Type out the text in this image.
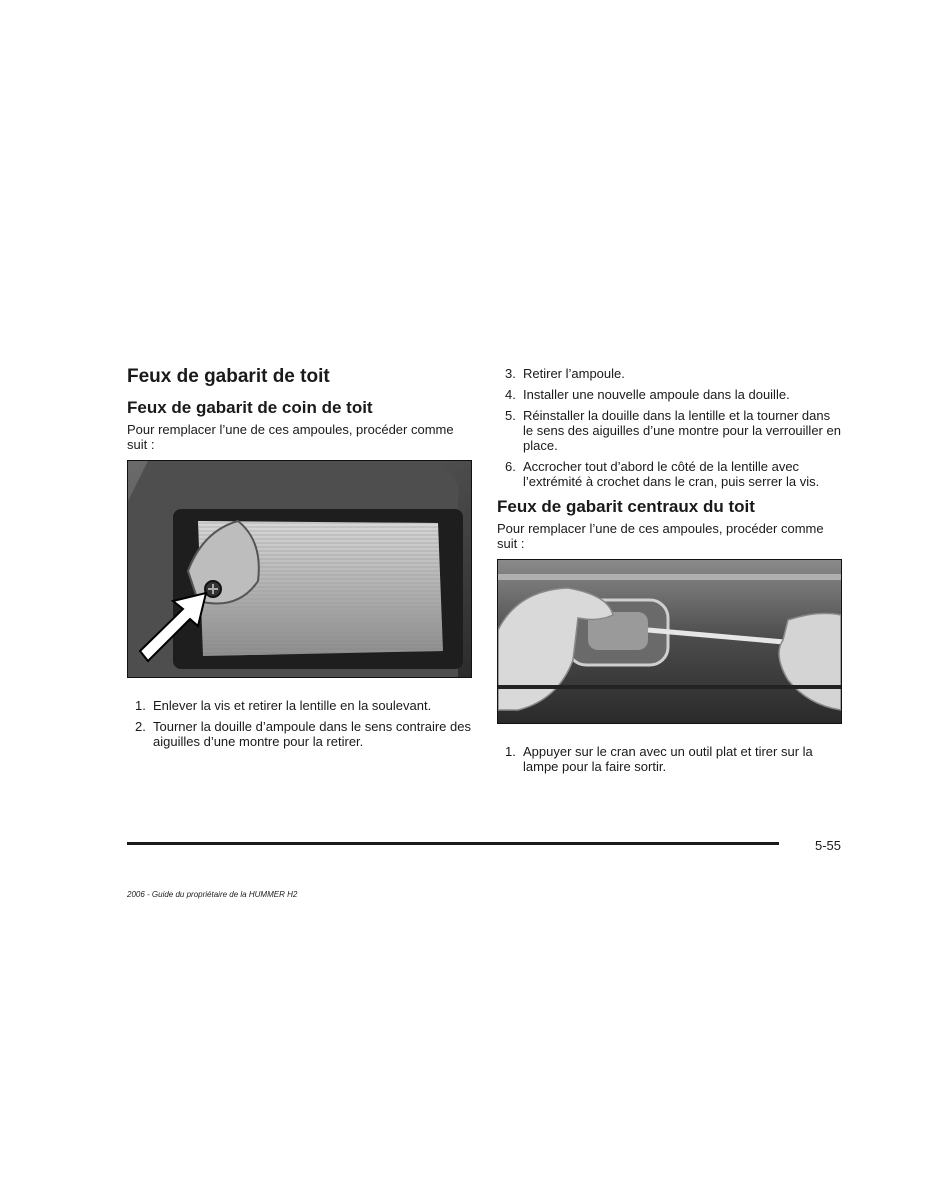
Feux de gabarit de toit
Feux de gabarit de coin de toit

Pour remplacer l’une de ces ampoules, procéder comme suit :

1. Enlever la vis et retirer la lentille en la soulevant.
2. Tourner la douille d’ampoule dans le sens contraire des aiguilles d’une montre pour la retirer.
3. Retirer l’ampoule.
4. Installer une nouvelle ampoule dans la douille.
5. Réinstaller la douille dans la lentille et la tourner dans le sens des aiguilles d’une montre pour la verrouiller en place.
6. Accrocher tout d’abord le côté de la lentille avec l’extrémité à crochet dans le cran, puis serrer la vis.
Feux de gabarit centraux du toit

Pour remplacer l’une de ces ampoules, procéder comme suit :

1. Appuyer sur le cran avec un outil plat et tirer sur la lampe pour la faire sortir.
5-55
2006 - Guide du propriétaire de la HUMMER H2
